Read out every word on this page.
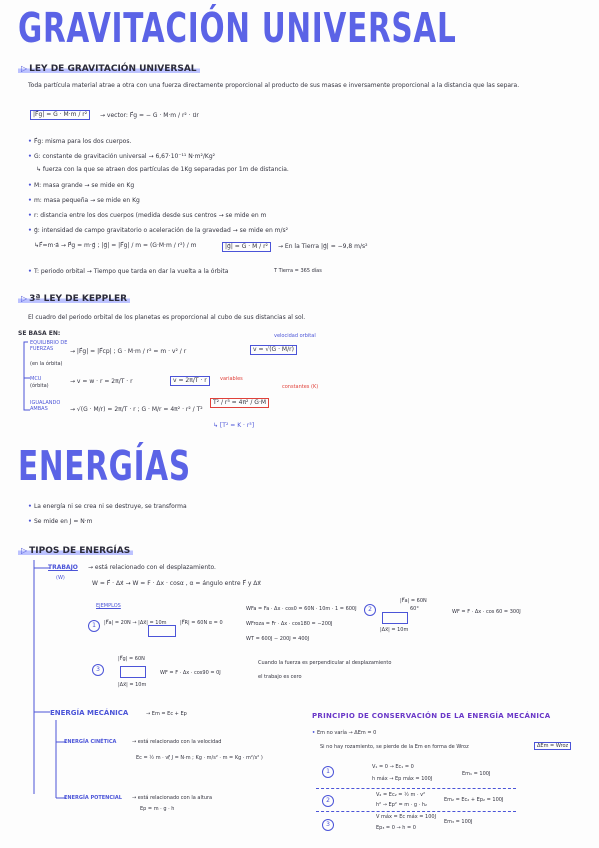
GRAVITACIÓN UNIVERSAL
▷ LEY DE GRAVITACIÓN UNIVERSAL
Toda partícula material atrae a otra con una fuerza directamente proporcional al producto de sus masas e inversamente proporcional a la distancia que las separa.
|F⃗g| = G · M·m / r²	→ vector: F⃗g = − G · M·m / r² · u⃗r
• F⃗g: misma para los dos cuerpos.
• G: constante de gravitación universal → 6,67·10⁻¹¹ N·m²/Kg²
↳ fuerza con la que se atraen dos partículas de 1Kg separadas por 1m de distancia.
• M: masa grande → se mide en Kg
• m: masa pequeña → se mide en Kg
• r: distancia entre los dos cuerpos (medida desde sus centros → se mide en m
• g⃗: intensidad de campo gravitatorio o aceleración de la gravedad → se mide en m/s²
↳F⃗=m·a⃗ → P⃗g = m·g⃗ ; |g⃗| = |F⃗g| / m = (G·M·m / r²) / m	|g⃗| = G · M / r²	→ En la Tierra |g⃗| = −9,8 m/s²
• T: periodo orbital → Tiempo que tarda en dar la vuelta a la órbita	T Tierra = 365 días
▷ 3ª LEY DE KEPPLER
El cuadro del periodo orbital de los planetas es proporcional al cubo de sus distancias al sol.
SE BASA EN:	velocidad orbital
EQUILIBRIO DE FUERZAS
(en la órbita)
→ |F⃗g| = |F⃗cp| ; G · M·m / r² = m · v² / r	v = √(G · M/r)
MCU
(órbita)
→ v = w · r = 2π/T · r	v = 2π/T · r	variables
constantes (K)
IGUALANDO AMBAS	→ √(G · M/r) = 2π/T · r ; G · M/r = 4π² · r² / T²
T² / r³ = 4π² / G·M
↳ [T² = K · r³]
ENERGÍAS
• La energía ni se crea ni se destruye, se transforma
• Se mide en J = N·m
▷ TIPOS DE ENERGÍAS
TRABAJO
(W)
→ está relacionado con el desplazamiento.
W = F⃗ · Δx⃗ → W = F · Δx · cosα , α = ángulo entre F⃗ y Δx⃗
EJEMPLOS
1	|F⃗a| = 20N → |Δx⃗| = 10m	|F⃗R| = 60N α = 0
WFa = Fa · Δx · cos0 = 60N · 10m · 1 = 600J
WFroza = Fr · Δx · cos180 = −200J
WT = 600J − 200J = 400J
2
|F⃗a| = 60N
60°
|Δx⃗| = 10m
WF = F · Δx · cos 60 = 300J
3
|F⃗g| = 60N
|Δx⃗| = 10m
WF = F · Δx · cos90 = 0J
Cuando la fuerza es perpendicular al desplazamiento
el trabajo es cero
ENERGÍA MECÁNICA	→ Em = Ec + Ep
ENERGÍA CINÉTICA	→ está relacionado con la velocidad
Ec = ½ m · v²
( J = N·m ; Kg · m/s² · m = Kg · m²/s² )
ENERGÍA POTENCIAL → está relacionado con la altura
Ep = m · g · h
PRINCIPIO DE CONSERVACIÓN DE LA ENERGÍA MECÁNICA
• Em no varía → ΔEm = 0
Si no hay rozamiento, se pierde de la Em en forma de Wroz	ΔEm = Wroz
1
V₁ = 0 → Ec₁ = 0
h máx → Ep máx = 100J
Em₁ = 100J
2
V₂ = Ec₂ = ½ m · v²
h² → Ep² = m · g · h₂
Em₂ = Ec₂ + Ep₂ = 100J
3
V máx = Ec máx = 100J
Ep₃ = 0 → h = 0
Em₃ = 100J
